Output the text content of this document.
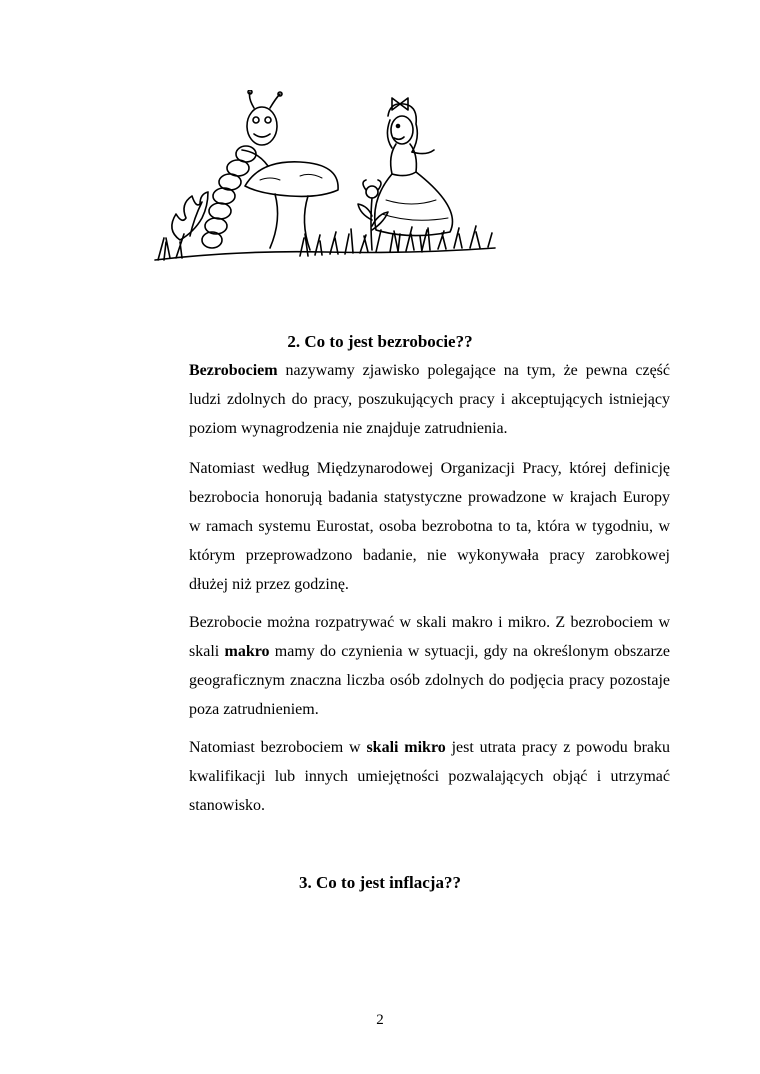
2. Co to jest bezrobocie??

Bezrobociem nazywamy zjawisko polegające na tym, że pewna część ludzi zdolnych do pracy, poszukujących pracy i akceptujących istniejący poziom wynagrodzenia nie znajduje zatrudnienia.

Natomiast według Międzynarodowej Organizacji Pracy, której definicję bezrobocia honorują badania statystyczne prowadzone w krajach Europy w ramach systemu Eurostat, osoba bezrobotna to ta, która w tygodniu, w którym przeprowadzono badanie, nie wykonywała pracy zarobkowej dłużej niż przez godzinę.

Bezrobocie można rozpatrywać w skali makro i mikro. Z bezrobociem w skali makro mamy do czynienia w sytuacji, gdy na określonym obszarze geograficznym znaczna liczba osób zdolnych do podjęcia pracy pozostaje poza zatrudnieniem.

Natomiast bezrobociem w skali mikro jest utrata pracy z powodu braku kwalifikacji lub innych umiejętności pozwalających objąć i utrzymać stanowisko.

3. Co to jest inflacja??
2
